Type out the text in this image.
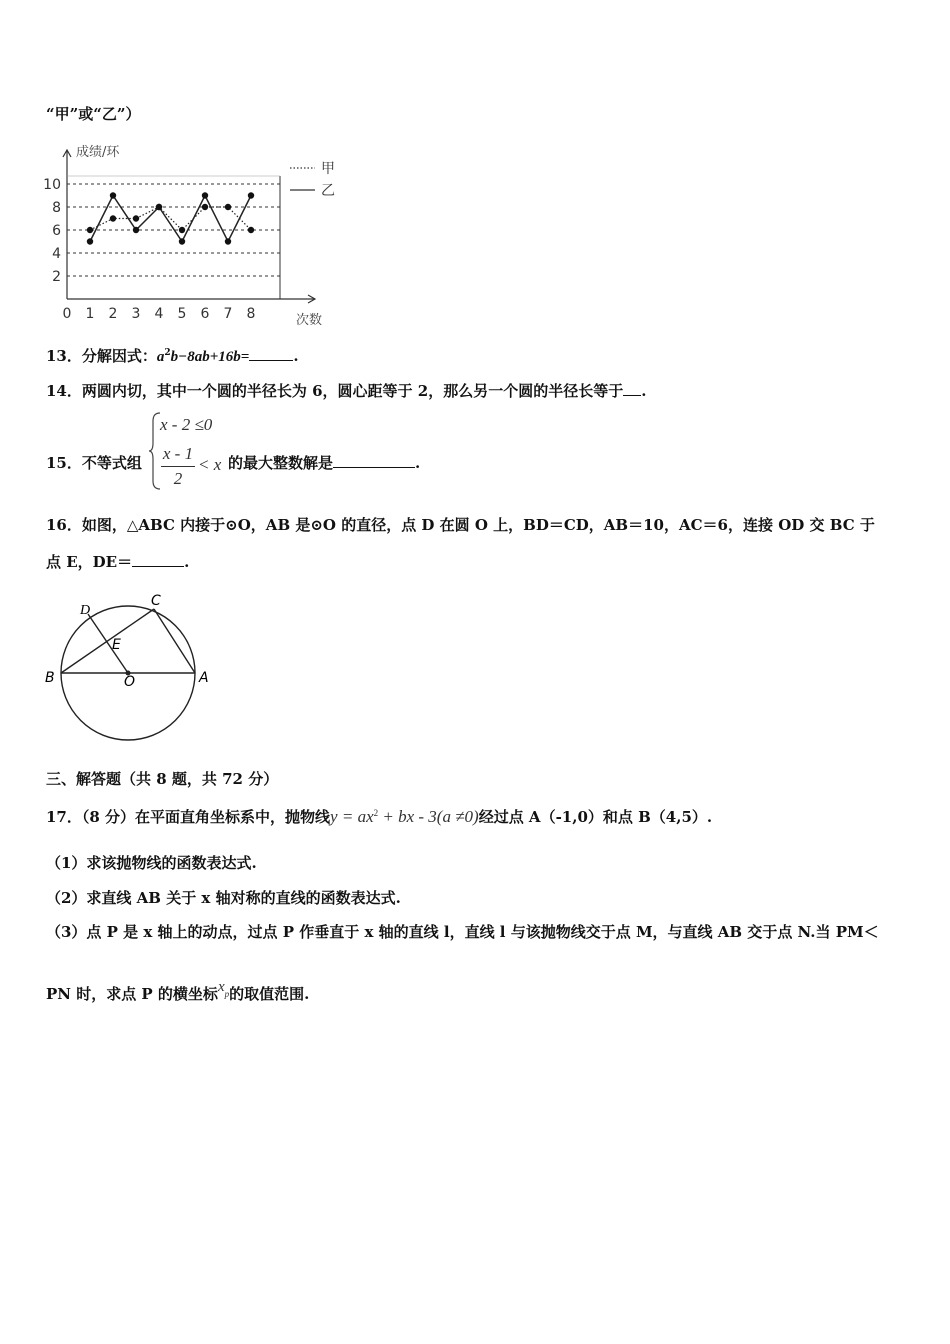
“甲”或“乙”）
2
4
6
8
10
0 1 2 3 4 5 6 7 8
成绩/环
次数
甲
乙
13．分解因式：$a^2b-8ab+16b=$	.
14．两圆内切，其中一个圆的半径长为 6，圆心距等于 2，那么另一个圆的半径长等于 .
15．不等式组
x - 2 ≤0
x - 1
2
< x 的最大整数解是	.
16．如图，△ABC 内接于⊙O，AB 是⊙O 的直径，点 D 在圆 O 上，BD＝CD，AB＝10，AC＝6，连接 OD 交 BC 于
点 E，DE＝	.
D
C
E
B	O	A
三、解答题（共 8 题，共 72 分）
17．（8 分）在平面直角坐标系中，抛物线$y = ax^2$ + bx - 3(a ≠0)经过点 A（-1,0）和点 B（4,5）.
（1）求该抛物线的函数表达式.
（2）求直线 AB 关于 x 轴对称的直线的函数表达式.
（3）点 P 是 x 轴上的动点，过点 P 作垂直于 x 轴的直线 l，直线 l 与该抛物线交于点 M，与直线 AB 交于点 N.当 PM＜
PN 时，求点 P 的横坐标$x_p$的取值范围.
